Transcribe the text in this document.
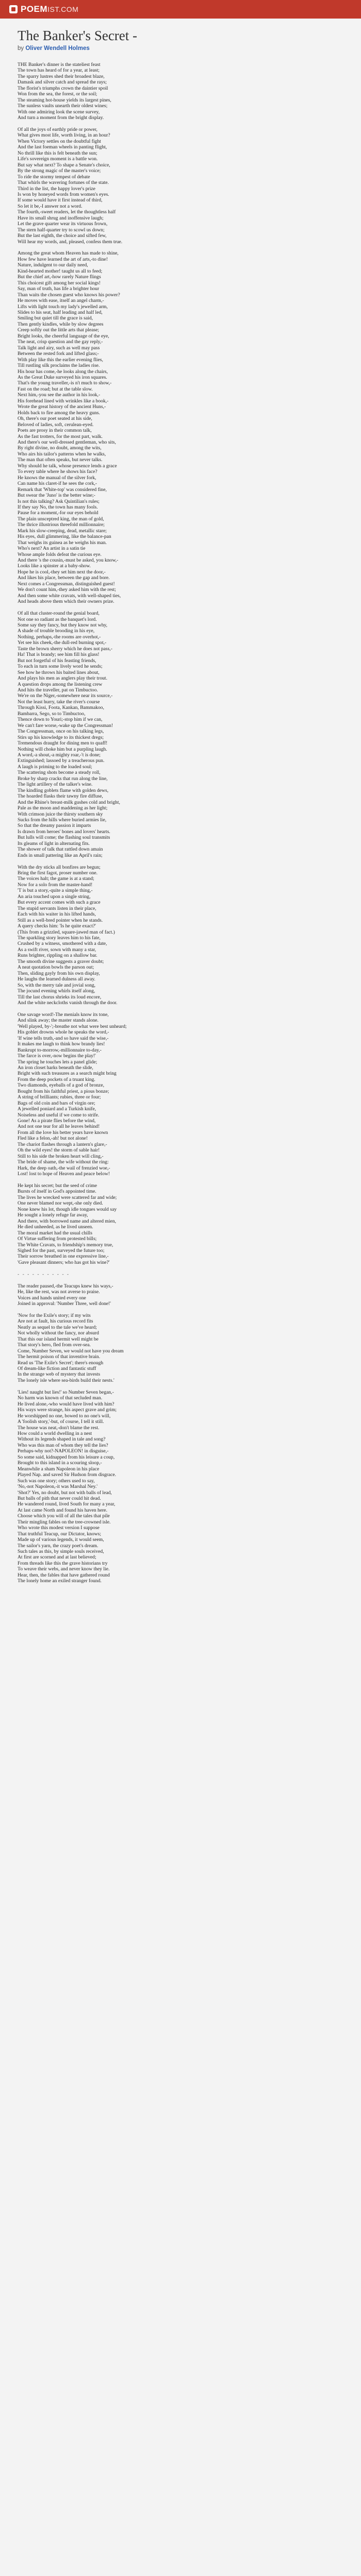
POEM IST.COM
The Banker's Secret -
by Oliver Wendell Holmes
THE Banker's dinner is the stateliest feast
The town has heard of for a year, at least;
The sparry lustres shed their broadest blaze,
Damask and silver catch and spread the rays;
The florist's triumphs crown the daintier spoil
Won from the sea, the forest, or the soil;
The steaming hot-house yields its largest pines,
The sunless vaults unearth their oldest wines;
With one admiring look the scene survey,
And turn a moment from the bright display.
Of all the joys of earthly pride or power,
What gives most life, worth living, in an hour?
When Victory settles on the doubtful fight
And the last foeman wheels in panting flight,
No thrill like this is felt beneath the sun;
Life's sovereign moment is a battle won.
But say what next? To shape a Senate's choice,
By the strong magic of the master's voice;
To ride the stormy tempest of debate
That whirls the wavering fortunes of the state.
Third in the list, the happy lover's prize
Is won by honeyed words from women's eyes.
If some would have it first instead of third,
So let it be,-I answer not a word.
The fourth,-sweet readers, let the thoughtless half
Have its small shrug and inoffensive laugh;
Let the grave quarter wear its virtuous frown,
The stern half-quarter try to scowl us down;
But the last eighth, the choice and sifted few,
Will hear my words, and, pleased, confess them true.
Among the great whom Heaven has made to shine,
How few have learned the art of arts,-to dine!
Nature, indulgent to our daily need,
Kind-hearted mother! taught us all to feed;
But the chief art,-how rarely Nature flings
This choicest gift among her social kings!
Say, man of truth, has life a brighter hour
Than waits the chosen guest who knows his power?
He moves with ease, itself an angel charm,-
Lifts with light touch my lady's jewelled arm,
Slides to his seat, half leading and half led,
Smiling but quiet till the grace is said,
Then gently kindles, while by slow degrees
Creep softly out the little arts that please;
Bright looks, the cheerful language of the eye,
The neat, crisp question and the gay reply,-
Talk light and airy, such as well may pass
Between the rested fork and lifted glass;-
With play like this the earlier evening flies,
Till rustling silk proclaims the ladies rise.
His hour has come,-he looks along the chairs,
As the Great Duke surveyed his iron squares.
That's the young traveller,-is n't much to show,-
Fast on the road; but at the table slow.
Next him,-you see the author in his look,-
His forehead lined with wrinkles like a book,-
Wrote the great history of the ancient Huns,-
Holds back to fire among the heavy guns.
Oh, there's our poet seated at his side,
Beloved of ladies, soft, cerulean-eyed.
Poets are prosy in their common talk,
As the fast trotters, for the most part, walk.
And there's our well-dressed gentleman, who sits,
By right divine, no doubt, among the wits,
Who airs his tailor's patterns when he walks,
The man that often speaks, but never talks.
Why should he talk, whose presence lends a grace
To every table where he shows his face?
He knows the manual of the silver fork,
Can name his claret-if he sees the cork,-
Remark that 'White-top' was considered fine,
But swear the 'Juno' is the better wine;-
Is not this talking? Ask Quintilian's rules;
If they say No, the town has many fools.
Pause for a moment,-for our eyes behold
The plain unsceptred king, the man of gold,
The thrice illustrious threefold millionnaire;
Mark his slow-creeping, dead, metallic stare;
His eyes, dull glimmering, like the balance-pan
That weighs its guinea as he weighs his man.
Who's next? An artist in a satin tie
Whose ample folds defeat the curious eye.
And there 's the cousin,-must be asked, you know,-
Looks like a spinster at a baby-show.
Hope he is cool,-they set him next the door,-
And likes his place, between the gap and bore.
Next comes a Congressman, distinguished guest!
We don't count him,-they asked him with the rest;
And then some white cravats, with well-shaped ties,
And heads above them which their owners prize.
Of all that cluster-round the genial board,
Not one so radiant as the banquet's lord.
Some say they fancy, but they know not why,
A shade of trouble brooding in his eye,
Nothing, perhaps,-the rooms are overhot,-
Yet see his cheek,-the dull-red burning spot,-
Taste the brown sherry which he does not pass,-
Ha! That is brandy; see him fill his glass!
But not forgetful of his feasting friends,
To each in turn some lively word he sends;
See how he throws his baited lines about,
And plays his men as anglers play their trout.
A question drops among the listening crew
And hits the traveller, pat on Timbuctoo.
We're on the Niger,-somewhere near its source,-
Not the least hurry, take the river's course
Through Kissi, Foota, Kankan, Bammakoo,
Bambarra, Sego, so to Timbuctoo,
Thence down to Youri;-stop him if we can,
We can't fare worse,-wake up the Congressman!
The Congressman, once on his talking legs,
Stirs up his knowledge to its thickest dregs;
Tremendous draught for dining men to quaff!
Nothing will choke him but a purpling laugh.
A word,-a shout,-a mighty roar,-'t is done;
Extinguished; lassoed by a treacherous pun.
A laugh is priming to the loaded soul;
The scattering shots become a steady roll,
Broke by sharp cracks that run along the line,
The light artillery of the talker's wine.
The kindling goblets flame with golden dews,
The hoarded flasks their tawny fire diffuse,
And the Rhine's breast-milk gushes cold and bright,
Pale as the moon and maddening as her light;
With crimson juice the thirsty southern sky
Sucks from the hills where buried armies lie,
So that the dreamy passion it imparts
Is drawn from heroes' bones and lovers' hearts.
But lulls will come; the flashing soul transmits
Its gleams of light in alternating fits.
The shower of talk that rattled down amain
Ends in small pattering like an April's rain;
With the dry sticks all bonfires are begun;
Bring the first fagot, proser number one.
The voices halt; the game is at a stand;
Now for a solo from the master-hand!
'T is but a story,-quite a simple thing,-
An aria touched upon a single string,
But every accent comes with such a grace
The stupid servants listen in their place,
Each with his waiter in his lifted hands,
Still as a well-bred pointer when he stands.
A query checks him: 'Is he quite exact?'
(This from a grizzled, square-jawed man of fact.)
The sparkling story leaves him to his fate,
Crushed by a witness, smothered with a date,
As a swift river, sown with many a star,
Runs brighter, rippling on a shallow bar.
The smooth divine suggests a graver doubt;
A neat quotation bowls the parson out;
Then, sliding gayly from his own display,
He laughs the learned dulness all away.
So, with the merry tale and jovial song,
The jocund evening whirls itself along,
Till the last chorus shrieks its loud encore,
And the white neckcloths vanish through the door.
One savage word!-The menials know its tone,
And slink away; the master stands alone.
'Well played, by-';-breathe not what were best unheard;
His goblet drowns whole he speaks the word,-
'If wine tells truth,-and so have said the wise,-
It makes me laugh to think how brandy lies!
Bankrupt to-morrow,-millionnaire to-day,-
The farce is over,-now begins the play!'
The spring he touches lets a panel glide;
An iron closet harks beneath the slide,
Bright with such treasures as a search might bring
From the deep pockets of a truant king.
Two diamonds, eyeballs of a god of bronze,
Bought from his faithful priest, a pious bonze;
A string of brilliants; rubies, three or four;
Bags of old coin and bars of virgin ore;
A jewelled poniard and a Turkish knife,
Noiseless and useful if we come to strife.
Gone! As a pirate flies before the wind,
And not one tear for all he leaves behind!
From all the love his better years have known
Fled like a felon,-ah! but not alone!
The chariot flashes through a lantern's glare,-
Oh the wild eyes! the storm of sable hair!
Still to his side the broken heart will cling,-
The bride of shame, the wife without the ring:
Hark, the deep oath,-the wail of frenzied woe,-
Lost! lost to hope of Heaven and peace below!
He kept his secret; but the seed of crime
Bursts of itself in God's appointed time.
The lives he wrecked were scattered far and wide;
One never blamed nor wept,-she only died.
None knew his lot, though idle tongues would say
He sought a lonely refuge far away,
And there, with borrowed name and altered mien,
He died unheeded, as he lived unseen.
The moral market had the usual chills
Of Virtue suffering from protested bills;
The White Cravats, to friendship's memory true,
Sighed for the past, surveyed the future too;
Their sorrow breathed in one expressive line,-
'Gave pleasant dinners; who has got his wine?'
- - - - - - - - - - -
The reader paused,-the Teacups knew his ways,-
He, like the rest, was not averse to praise.
Voices and hands united every one
Joined in approval: 'Number Three, well done!'
'Now for the Exile's story; if my wits
Are not at fault, his curious record fits
Neatly as sequel to the tale we've heard;
Not wholly without the fancy, nor absurd
That this our island hermit well might be
That story's hero, fled from over-sea.
Come, Number Seven, we would not have you dream
The hermit poison of that inventive brain.
Read us 'The Exile's Secret'; there's enough
Of dream-like fiction and fantastic stuff
In the strange web of mystery that invests
The lonely isle where sea-birds build their nests.'
'Lies! naught but lies!' so Number Seven began,-
No harm was known of that secluded man.
He lived alone,-who would have lived with him?
His ways were strange, his aspect grave and grim;
He worshipped no one, bowed to no one's will,
A 'foolish story,'-but, of course, I tell it still.
The house was neat,-don't blame the rest.
How could a world dwelling in a nest
Without its legends shaped in tale and song?
Who was this man of whom they tell the lies?
Perhaps-why not?-NAPOLEON! in disguise,-
So some said, kidnapped from his leisure a coup,
Brought to this island in a scouring sloop,-
Meanwhile a sham Napoleon in his place
Played Nap. and saved Sir Hudson from disgrace.
Such was one story; others used to say,
'No,-not Napoleon,-it was Marshal Ney.'
'Shot?' Yes, no doubt, but not with balls of lead,
But balls of pith that never could hit dead.
He wandered round, lived South for many a year,
At last came North and found his haven here.
Choose which you will of all the tales that pile
Their mingling fables on the tree-crowned isle.
Who wrote this modest version I suppose
That truthful Teacup, our Dictator, knows;
Made up of various legends, it would seem,
The sailor's yarn, the crazy poet's dream.
Such tales as this, by simple souls received,
At first are scorned and at last believed;
From threads like this the grave historians try
To weave their webs, and never know they lie.
Hear, then, the fables that have gathered round
The lonely home an exiled stranger found.
